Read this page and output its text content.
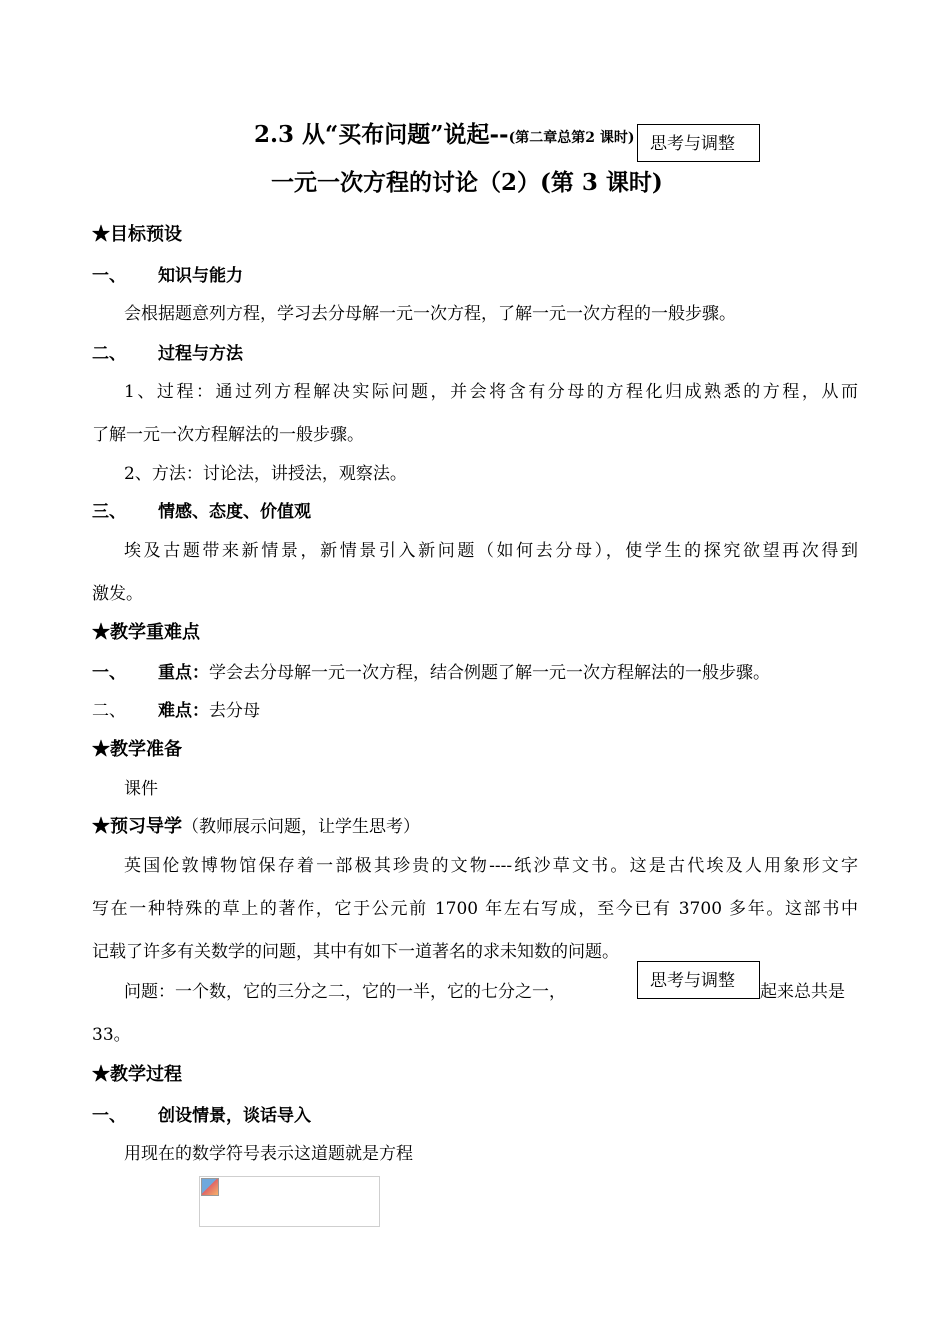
2.3 从“买布问题”说起--(第二章总第2 课时) 思考与调整
一元一次方程的讨论（2）(第 3 课时)
★目标预设
一、 知识与能力
会根据题意列方程，学习去分母解一元一次方程，了解一元一次方程的一般步骤。
二、 过程与方法
1、过程：通过列方程解决实际问题，并会将含有分母的方程化归成熟悉的方程，从而
了解一元一次方程解法的一般步骤。
2、方法：讨论法，讲授法，观察法。
三、 情感、态度、价值观
埃及古题带来新情景，新情景引入新问题（如何去分母），使学生的探究欲望再次得到
激发。
★教学重难点
一、 重点：学会去分母解一元一次方程，结合例题了解一元一次方程解法的一般步骤。
二、 难点：去分母
★教学准备
课件
★预习导学（教师展示问题，让学生思考）
英国伦敦博物馆保存着一部极其珍贵的文物----纸沙草文书。这是古代埃及人用象形文字
写在一种特殊的草上的著作，它于公元前 1700 年左右写成，至今已有 3700 多年。这部书中
记载了许多有关数学的问题，其中有如下一道著名的求未知数的问题。
问题：一个数，它的三分之二，它的一半，它的七分之一，	起来总共是
思考与调整
33。
★教学过程
一、 创设情景，谈话导入
用现在的数学符号表示这道题就是方程
